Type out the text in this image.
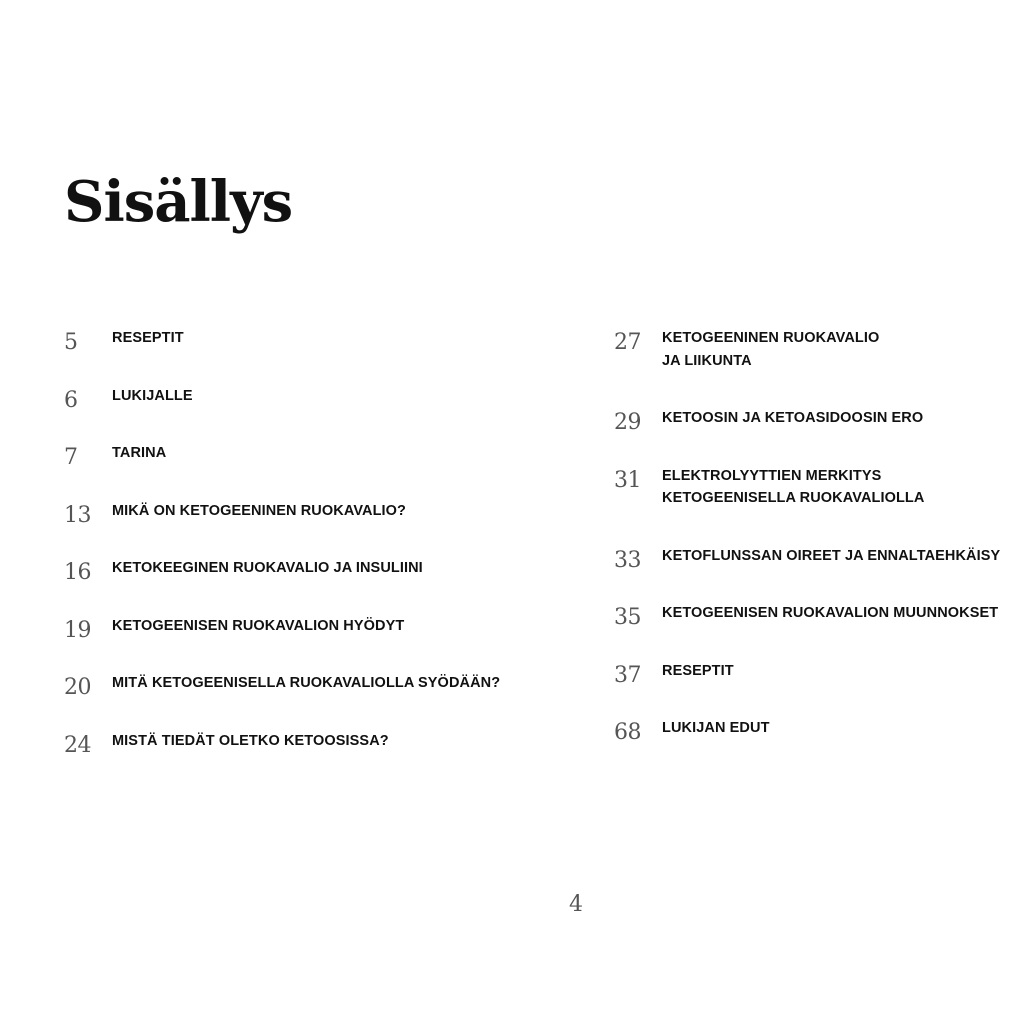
Sisällys
5 RESEPTIT
6 LUKIJALLE
7 TARINA
13 MIKÄ ON KETOGEENINEN RUOKAVALIO?
16 KETOKEEGINEN RUOKAVALIO JA INSULIINI
19 KETOGEENISEN RUOKAVALION HYÖDYT
20 MITÄ KETOGEENISELLA RUOKAVALIOLLA SYÖDÄÄN?
24 MISTÄ TIEDÄT OLETKO KETOOSISSA?
27 KETOGEENINEN RUOKAVALIO
JA LIIKUNTA
29 KETOOSIN JA KETOASIDOOSIN ERO
31 ELEKTROLYYTTIEN MERKITYS
KETOGEENISELLA RUOKAVALIOLLA
33 KETOFLUNSSAN OIREET JA ENNALTAEHKÄISY
35 KETOGEENISEN RUOKAVALION MUUNNOKSET
37 RESEPTIT
68 LUKIJAN EDUT
4
